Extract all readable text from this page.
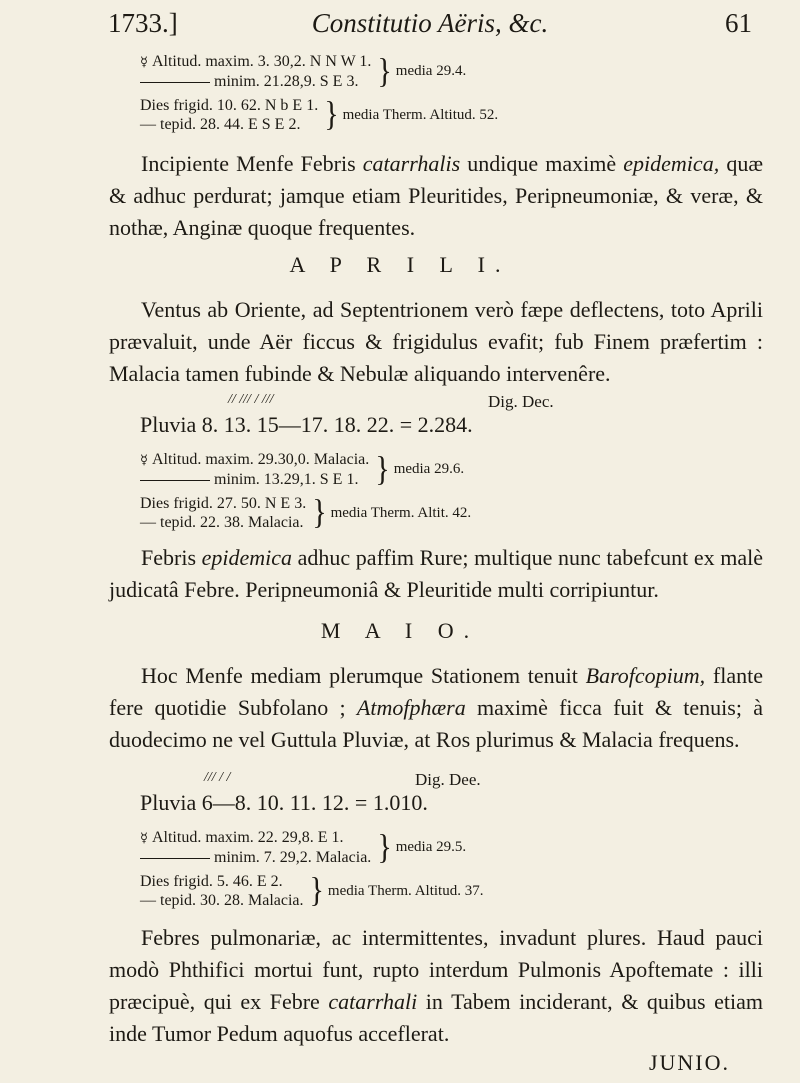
1733.]	Constitutio Aëris, &c.	61
☿ Altitud. maxim. 3. 30,2. N N W 1.
minim. 21.28,9. S E 3. } media 29.4.
Dies frigid. 10. 62. N b E 1.
— tepid. 28. 44. E S E 2. } media Therm. Altitud. 52.

Incipiente Menfe Febris catarrhalis undique maximè epidemica, quæ & adhuc perdurat; jamque etiam Pleuritides, Peripneumoniæ, & veræ, & nothæ, Anginæ quoque frequentes.

A P R I L I.

Ventus ab Oriente, ad Septentrionem verò fæpe deflectens, toto Aprili prævaluit, unde Aër ficcus & frigidulus evafit; fub Finem præfertim : Malacia tamen fubinde & Nebulæ aliquando intervenêre.

// /// / ///	Dig. Dec.
Pluvia 8. 13. 15—17. 18. 22. = 2.284.
☿ Altitud. maxim. 29.30,0. Malacia.
minim. 13.29,1. S E 1. } media 29.6.
Dies frigid. 27. 50. N E 3.
— tepid. 22. 38. Malacia. } media Therm. Altit. 42.

Febris epidemica adhuc paffim Rure; multique nunc tabefcunt ex malè judicatâ Febre. Peripneumoniâ & Pleuritide multi corripiuntur.

M A I O.

Hoc Menfe mediam plerumque Stationem tenuit Barofcopium, flante fere quotidie Subfolano ; Atmofphæra maximè ficca fuit & tenuis; à duodecimo ne vel Guttula Pluviæ, at Ros plurimus & Malacia frequens.

/// / /	Dig. Dee.
Pluvia 6—8. 10. 11. 12. = 1.010.
☿ Altitud. maxim. 22. 29,8. E 1.
minim. 7. 29,2. Malacia. } media 29.5.
Dies frigid. 5. 46. E 2.
— tepid. 30. 28. Malacia. } media Therm. Altitud. 37.

Febres pulmonariæ, ac intermittentes, invadunt plures. Haud pauci modò Phthifici mortui funt, rupto interdum Pulmonis Apoftemate : illi præcipuè, qui ex Febre catarrhali in Tabem inciderant, & quibus etiam inde Tumor Pedum aquofus acceflerat.

JUNIO.
